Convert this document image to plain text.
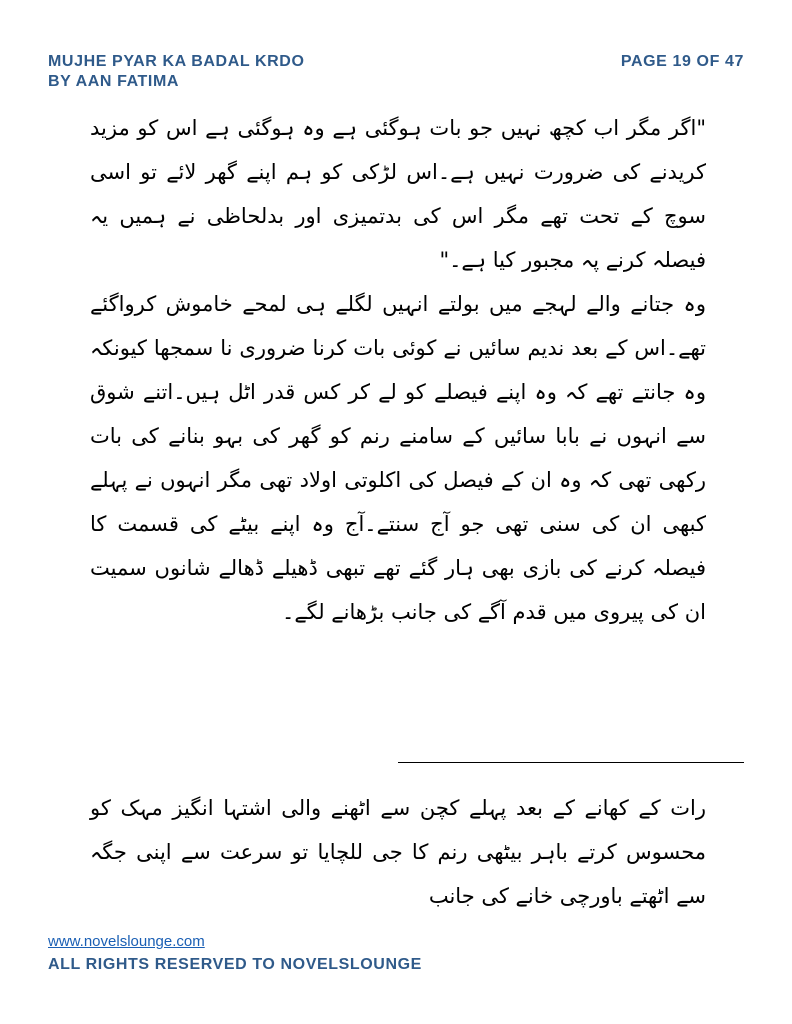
MUJHE PYAR KA BADAL KRDO
BY AAN FATIMA
PAGE 19 OF 47

"اگر مگر اب کچھ نہیں جو بات ہوگئی ہے وہ ہوگئی ہے اس کو مزید کریدنے کی ضرورت نہیں ہے۔اس لڑکی کو ہم اپنے گھر لائے تو اسی سوچ کے تحت تھے مگر اس کی بدتمیزی اور بدلحاظی نے ہمیں یہ فیصلہ کرنے پہ مجبور کیا ہے۔"

وہ جتانے والے لہجے میں بولتے انہیں لگلے ہی لمحے خاموش کرواگئے تھے۔اس کے بعد ندیم سائیں نے کوئی بات کرنا ضروری نا سمجھا کیونکہ وہ جانتے تھے کہ وہ اپنے فیصلے کو لے کر کس قدر اٹل ہیں۔اتنے شوق سے انہوں نے بابا سائیں کے سامنے رنم کو گھر کی بہو بنانے کی بات رکھی تھی کہ وہ ان کے فیصل کی اکلوتی اولاد تھی مگر انہوں نے پہلے کبھی ان کی سنی تھی جو آج سنتے۔آج وہ اپنے بیٹے کی قسمت کا فیصلہ کرنے کی بازی بھی ہار گئے تھے تبھی ڈھیلے ڈھالے شانوں سمیت ان کی پیروی میں قدم آگے کی جانب بڑھانے لگے۔

رات کے کھانے کے بعد پہلے کچن سے اٹھنے والی اشتہا انگیز مہک کو محسوس کرتے باہر بیٹھی رنم کا جی للچایا تو سرعت سے اپنی جگہ سے اٹھتے باورچی خانے کی جانب

www.novelslounge.com
ALL RIGHTS RESERVED TO NOVELSLOUNGE
